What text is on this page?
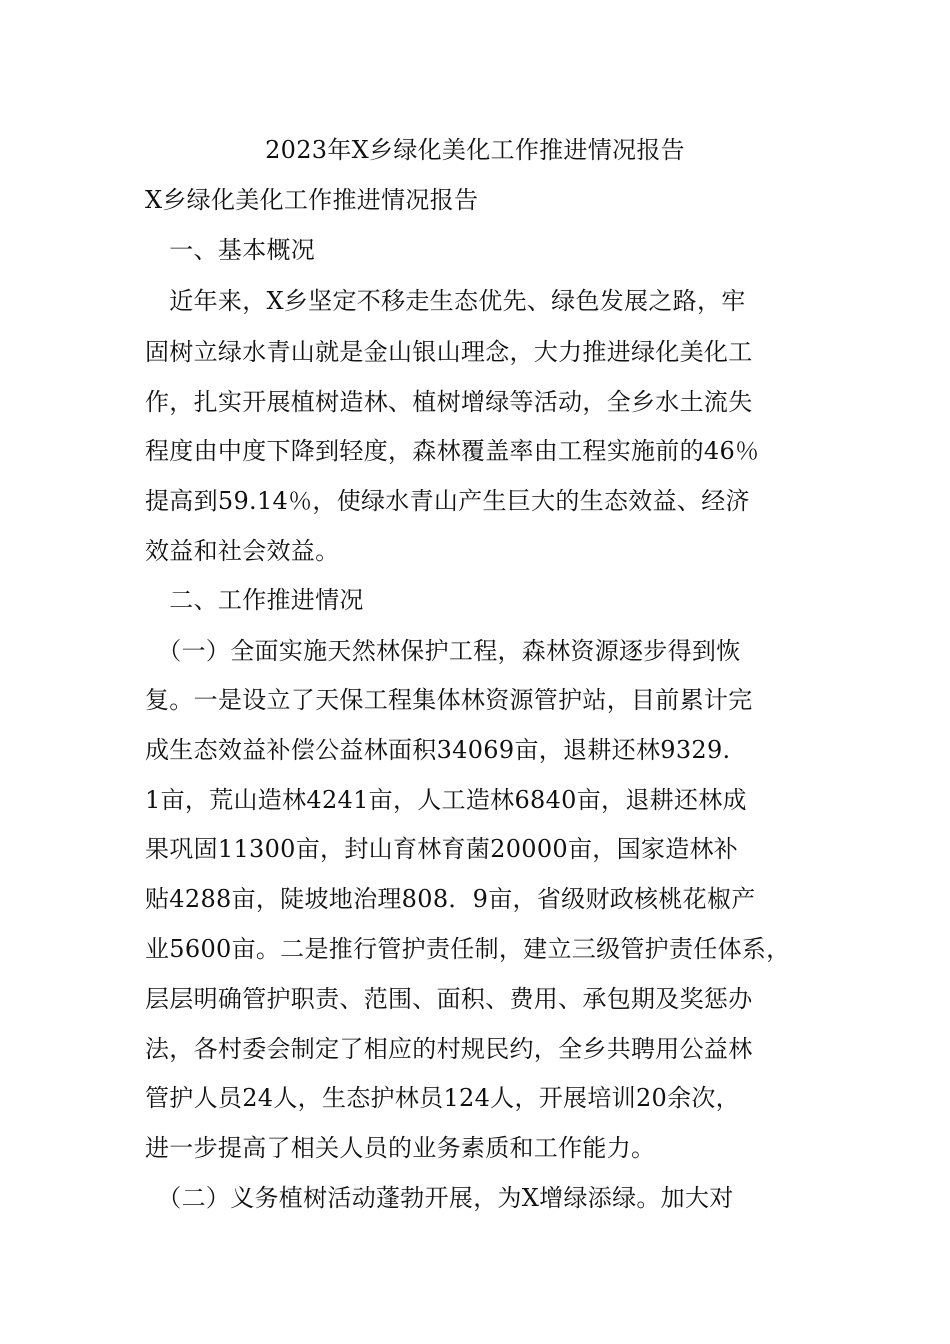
2023年X乡绿化美化工作推进情况报告
X乡绿化美化工作推进情况报告
　一、基本概况
　近年来，X乡坚定不移走生态优先、绿色发展之路，牢
固树立绿水青山就是金山银山理念，大力推进绿化美化工
作，扎实开展植树造林、植树增绿等活动，全乡水土流失
程度由中度下降到轻度，森林覆盖率由工程实施前的46％
提高到59.14％，使绿水青山产生巨大的生态效益、经济
效益和社会效益。
　二、工作推进情况
　（一）全面实施天然林保护工程，森林资源逐步得到恢
复。一是设立了天保工程集体林资源管护站，目前累计完
成生态效益补偿公益林面积34069亩，退耕还林9329.
1亩，荒山造林4241亩，人工造林6840亩，退耕还林成
果巩固11300亩，封山育林育菌20000亩，国家造林补
贴4288亩，陡坡地治理808．9亩，省级财政核桃花椒产
业5600亩。二是推行管护责任制，建立三级管护责任体系，
层层明确管护职责、范围、面积、费用、承包期及奖惩办
法，各村委会制定了相应的村规民约，全乡共聘用公益林
管护人员24人，生态护林员124人，开展培训20余次，
进一步提高了相关人员的业务素质和工作能力。
　（二）义务植树活动蓬勃开展，为X增绿添绿。加大对
